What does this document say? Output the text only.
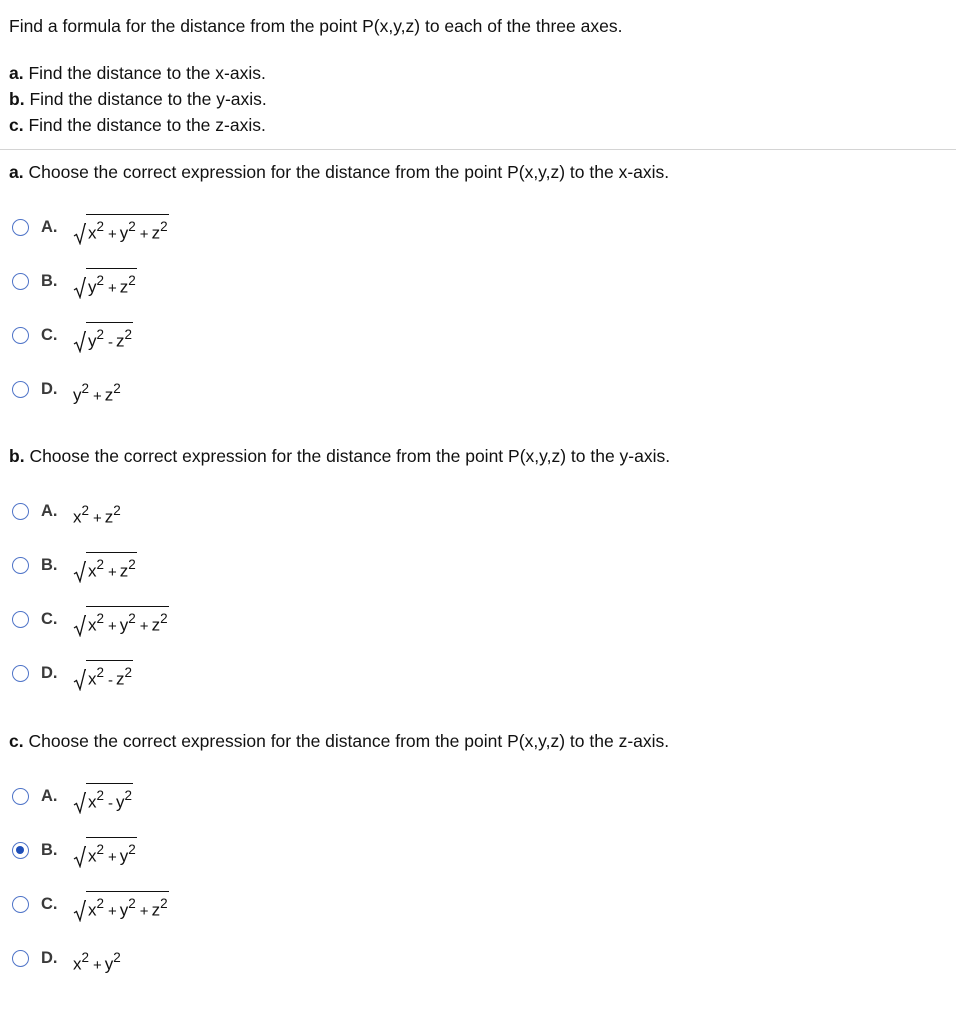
Find a formula for the distance from the point P(x,y,z) to each of the three axes.
a. Find the distance to the x-axis.
b. Find the distance to the y-axis.
c. Find the distance to the z-axis.
a. Choose the correct expression for the distance from the point P(x,y,z) to the x-axis.
A.	$x^2 + y^2 + z^2$
B.	$y^2 + z^2$
C.	$y^2 - z^2$
D. $y^2 + z^2$
b. Choose the correct expression for the distance from the point P(x,y,z) to the y-axis.
A. $x^2 + z^2$
B.	$x^2 + z^2$
C.	$x^2 + y^2 + z^2$
D.	$x^2 - z^2$
c. Choose the correct expression for the distance from the point P(x,y,z) to the z-axis.
A.	$x^2 - y^2$
B.	$x^2 + y^2$
C.	$x^2 + y^2 + z^2$
D. $x^2 + y^2$
